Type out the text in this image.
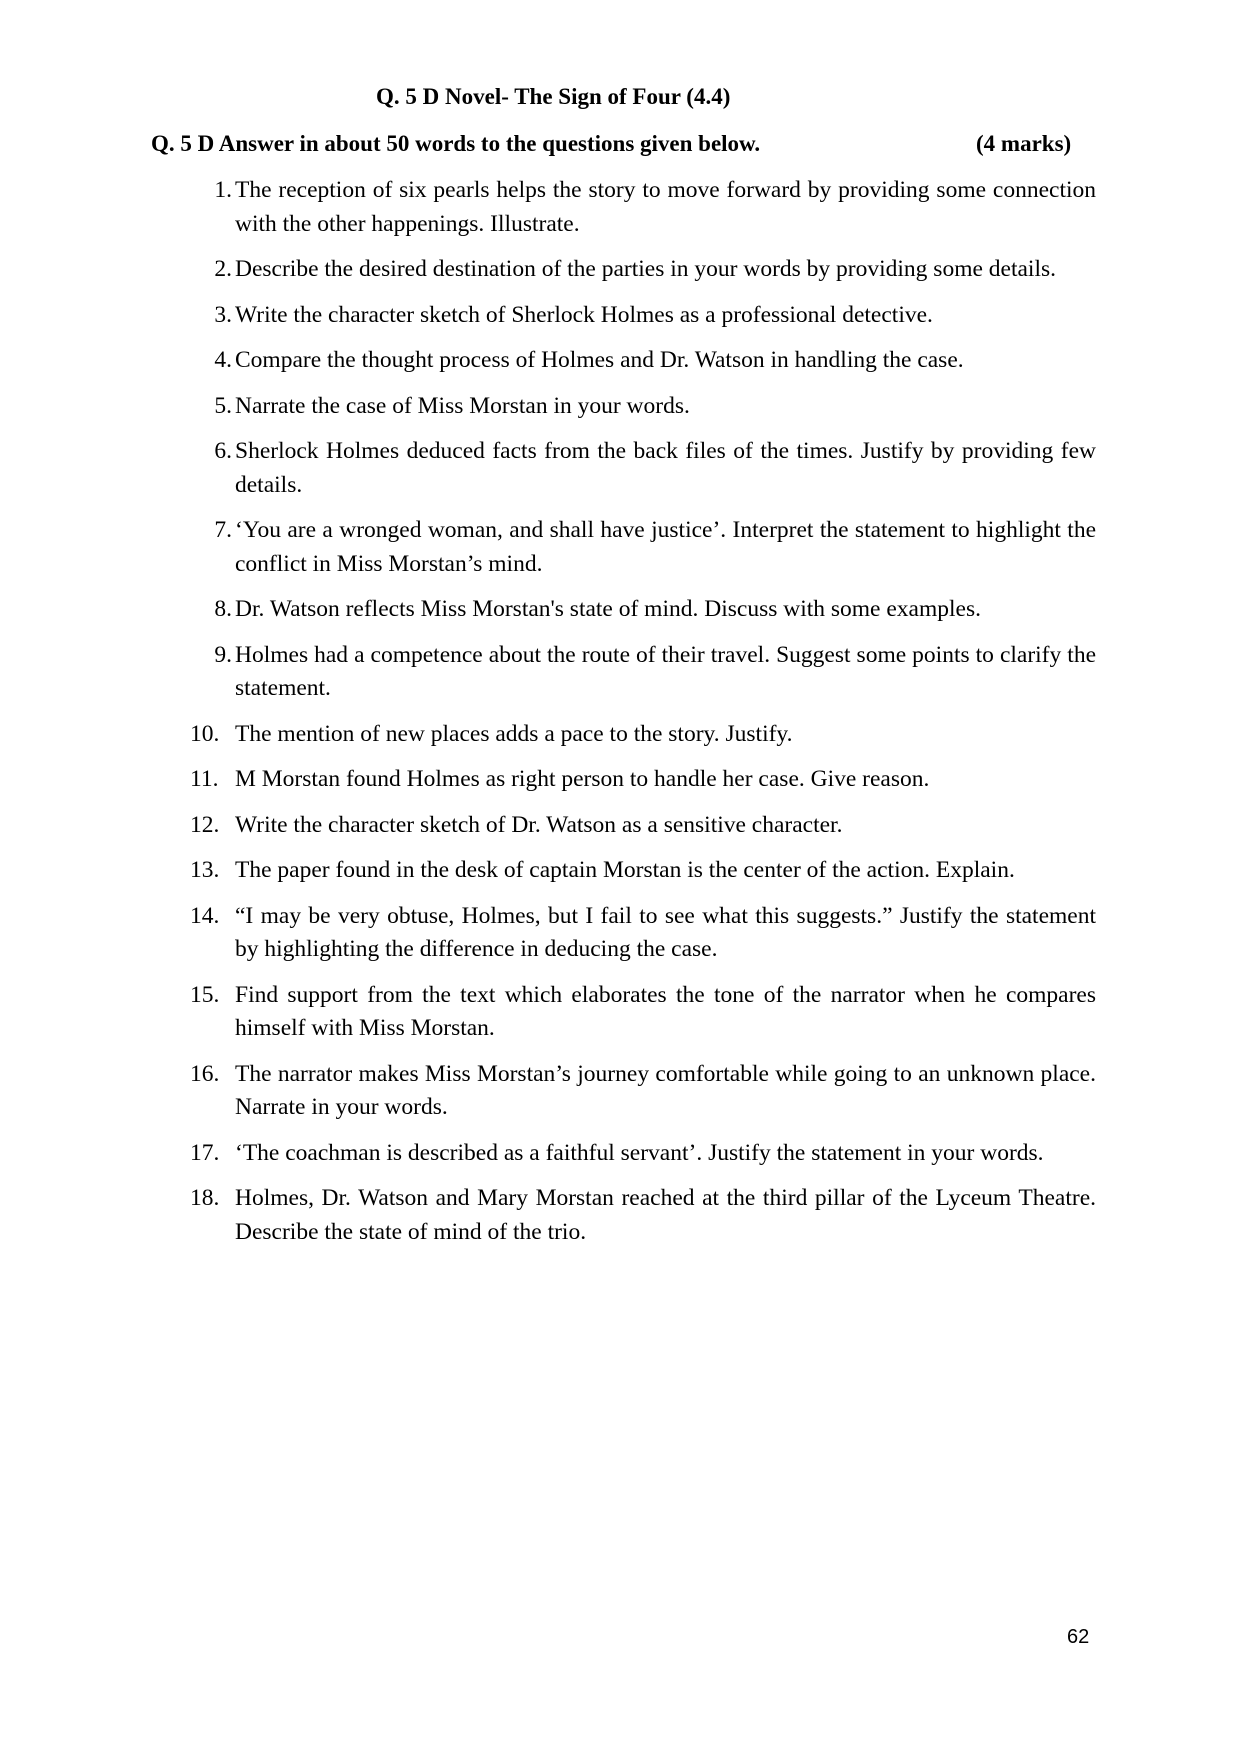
Q. 5 D Novel- The Sign of Four (4.4)
Q. 5 D Answer in about 50 words to the questions given below.	(4 marks)
1. The reception of six pearls helps the story to move forward by providing some connection with the other happenings. Illustrate.
2. Describe the desired destination of the parties in your words by providing some details.
3. Write the character sketch of Sherlock Holmes as a professional detective.
4. Compare the thought process of Holmes and Dr. Watson in handling the case.
5. Narrate the case of Miss Morstan in your words.
6. Sherlock Holmes deduced facts from the back files of the times. Justify by providing few details.
7. ‘You are a wronged woman, and shall have justice’. Interpret the statement to highlight the conflict in Miss Morstan’s mind.
8. Dr. Watson reflects Miss Morstan's state of mind. Discuss with some examples.
9. Holmes had a competence about the route of their travel. Suggest some points to clarify the statement.
10. The mention of new places adds a pace to the story. Justify.
11. M Morstan found Holmes as right person to handle her case. Give reason.
12. Write the character sketch of Dr. Watson as a sensitive character.
13. The paper found in the desk of captain Morstan is the center of the action. Explain.
14. “I may be very obtuse, Holmes, but I fail to see what this suggests.” Justify the statement by highlighting the difference in deducing the case.
15. Find support from the text which elaborates the tone of the narrator when he compares himself with Miss Morstan.
16. The narrator makes Miss Morstan’s journey comfortable while going to an unknown place. Narrate in your words.
17. ‘The coachman is described as a faithful servant’. Justify the statement in your words.
18. Holmes, Dr. Watson and Mary Morstan reached at the third pillar of the Lyceum Theatre. Describe the state of mind of the trio.
62
